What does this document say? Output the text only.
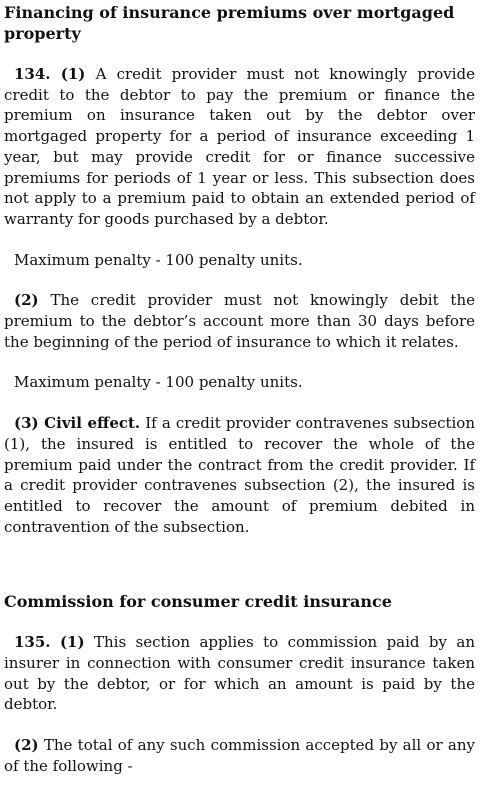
Financing of insurance premiums over mortgaged property

134. (1) A credit provider must not knowingly provide credit to the debtor to pay the premium or finance the premium on insurance taken out by the debtor over mortgaged property for a period of insurance exceeding 1 year, but may provide credit for or finance successive premiums for periods of 1 year or less. This subsection does not apply to a premium paid to obtain an extended period of warranty for goods purchased by a debtor.

Maximum penalty - 100 penalty units.

(2) The credit provider must not knowingly debit the premium to the debtor’s account more than 30 days before the beginning of the period of insurance to which it relates.

Maximum penalty - 100 penalty units.

(3) Civil effect. If a credit provider contravenes subsection (1), the insured is entitled to recover the whole of the premium paid under the contract from the credit provider. If a credit provider contravenes subsection (2), the insured is entitled to recover the amount of premium debited in contravention of the subsection.

Commission for consumer credit insurance

135. (1) This section applies to commission paid by an insurer in connection with consumer credit insurance taken out by the debtor, or for which an amount is paid by the debtor.

(2) The total of any such commission accepted by all or any of the following -
